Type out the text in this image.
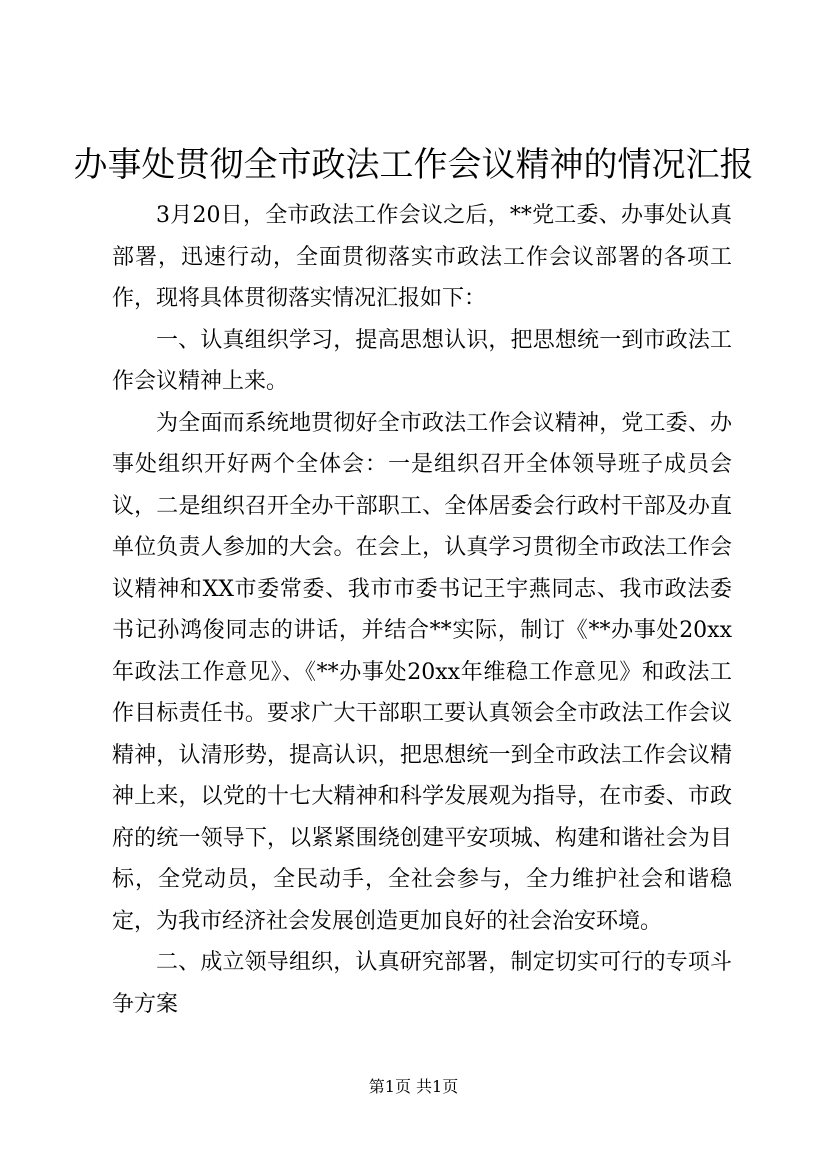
办事处贯彻全市政法工作会议精神的情况汇报

3月20日，全市政法工作会议之后，**党工委、办事处认真部署，迅速行动，全面贯彻落实市政法工作会议部署的各项工作，现将具体贯彻落实情况汇报如下：

一、认真组织学习，提高思想认识，把思想统一到市政法工作会议精神上来。

为全面而系统地贯彻好全市政法工作会议精神，党工委、办事处组织开好两个全体会：一是组织召开全体领导班子成员会议，二是组织召开全办干部职工、全体居委会行政村干部及办直单位负责人参加的大会。在会上，认真学习贯彻全市政法工作会议精神和XX市委常委、我市市委书记王宇燕同志、我市政法委书记孙鸿俊同志的讲话，并结合**实际，制订《**办事处20xx年政法工作意见》、《**办事处20xx年维稳工作意见》和政法工作目标责任书。要求广大干部职工要认真领会全市政法工作会议精神，认清形势，提高认识，把思想统一到全市政法工作会议精神上来，以党的十七大精神和科学发展观为指导，在市委、市政府的统一领导下，以紧紧围绕创建平安项城、构建和谐社会为目标，全党动员，全民动手，全社会参与，全力维护社会和谐稳定，为我市经济社会发展创造更加良好的社会治安环境。

二、成立领导组织，认真研究部署，制定切实可行的专项斗争方案

第1页 共1页
